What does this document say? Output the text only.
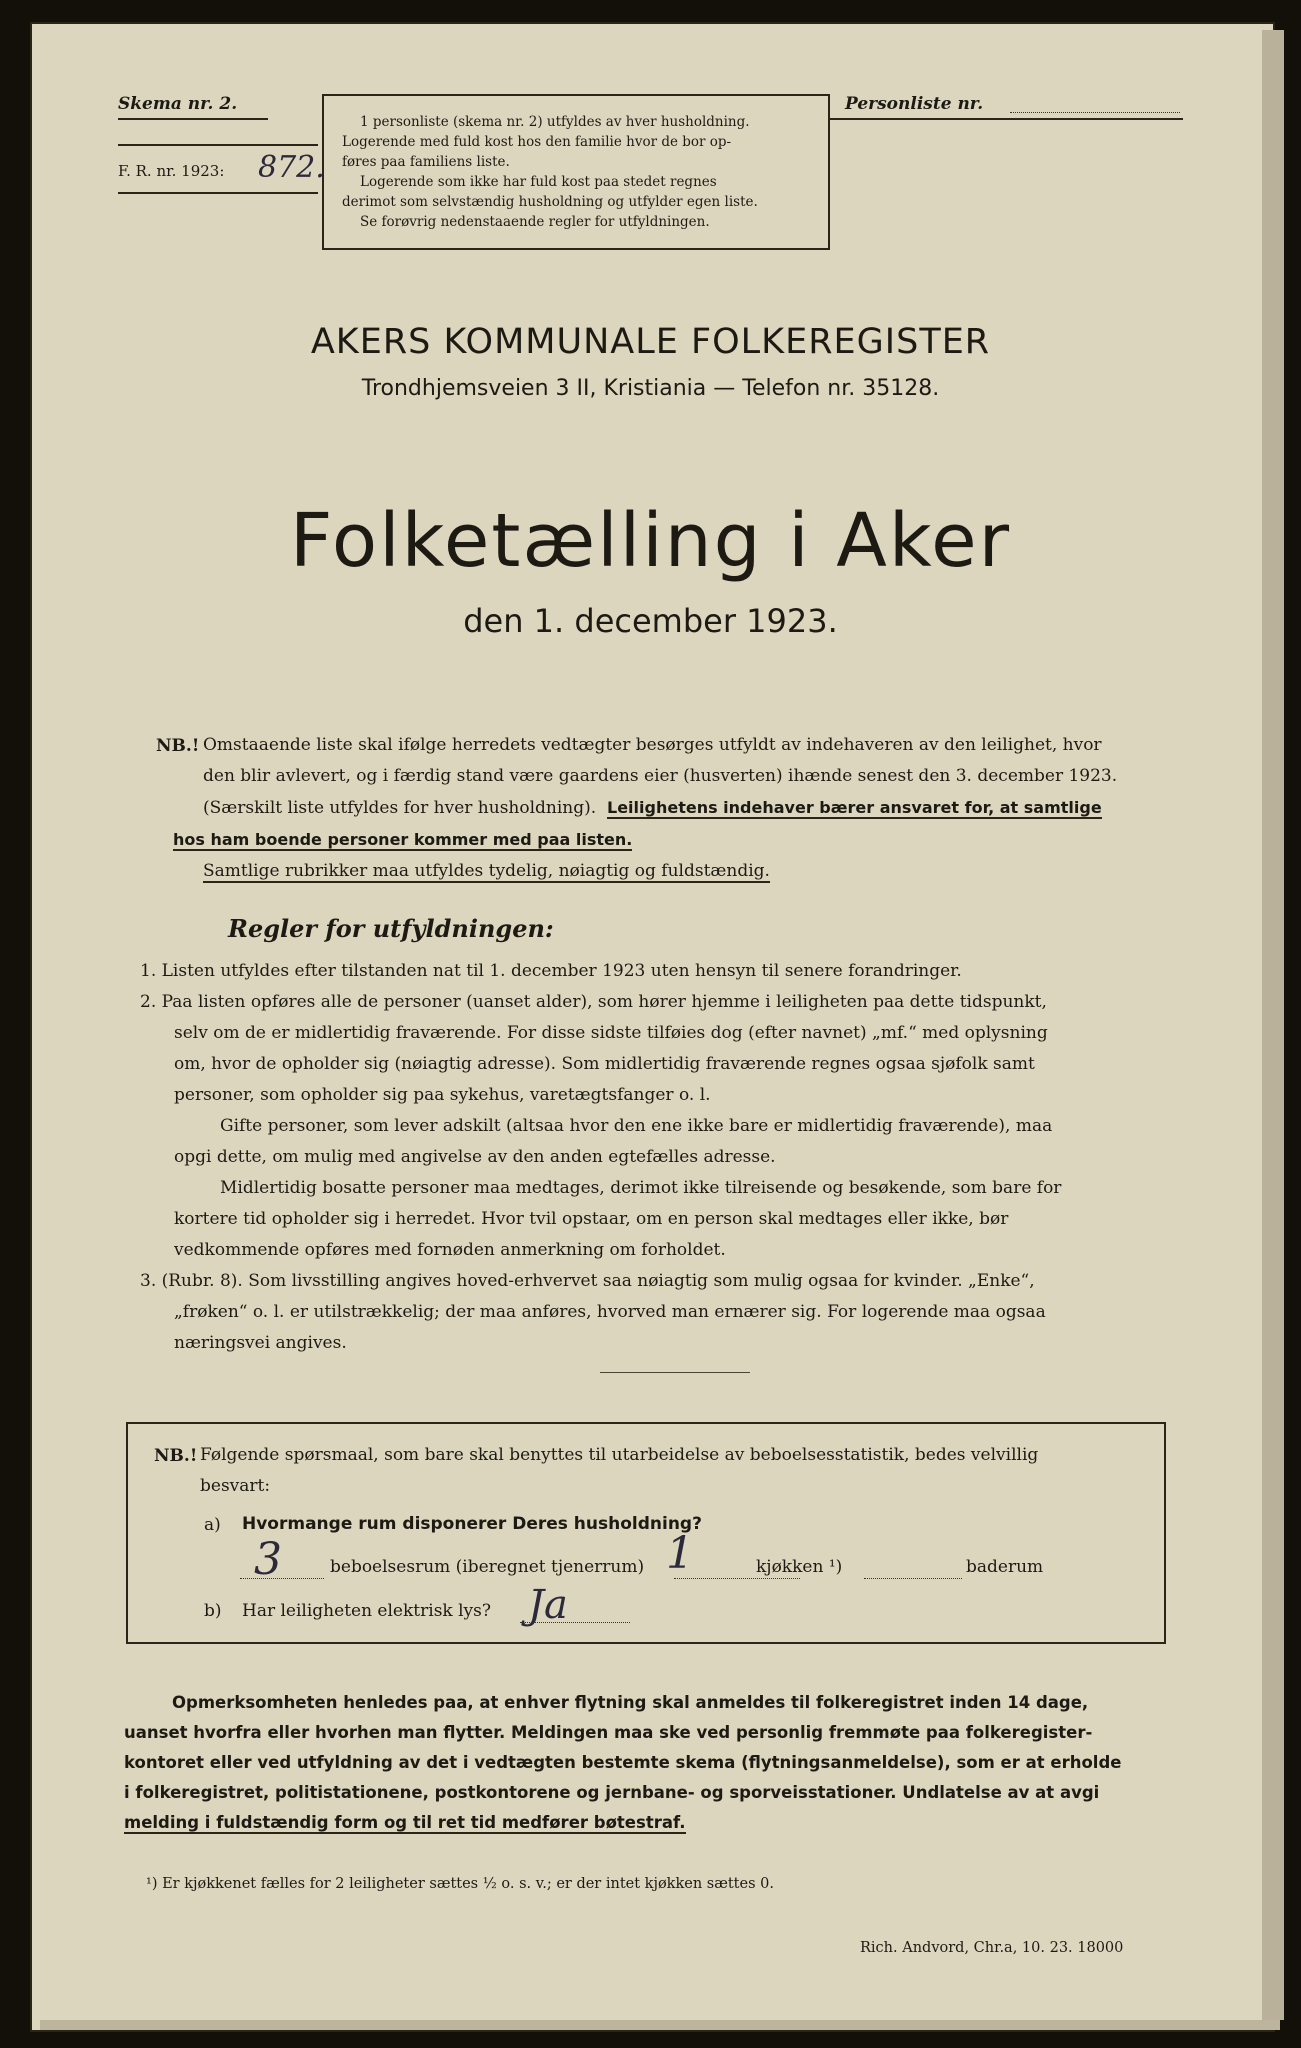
Skema nr. 2.
F. R. nr. 1923: 872.
1 personliste (skema nr. 2) utfyldes av hver husholdning.
Logerende med fuld kost hos den familie hvor de bor op-
føres paa familiens liste.
Logerende som ikke har fuld kost paa stedet regnes
derimot som selvstændig husholdning og utfylder egen liste.
Se forøvrig nedenstaaende regler for utfyldningen.
Personliste nr.
AKERS KOMMUNALE FOLKEREGISTER
Trondhjemsveien 3 II, Kristiania — Telefon nr. 35128.
Folketælling i Aker
den 1. december 1923.
NB.! Omstaaende liste skal ifølge herredets vedtægter besørges utfyldt av indehaveren av den leilighet, hvor
den blir avlevert, og i færdig stand være gaardens eier (husverten) ihænde senest den 3. december 1923.
(Særskilt liste utfyldes for hver husholdning). Leilighetens indehaver bærer ansvaret for, at samtlige
hos ham boende personer kommer med paa listen.
Samtlige rubrikker maa utfyldes tydelig, nøiagtig og fuldstændig.
Regler for utfyldningen:
1. Listen utfyldes efter tilstanden nat til 1. december 1923 uten hensyn til senere forandringer.
2. Paa listen opføres alle de personer (uanset alder), som hører hjemme i leiligheten paa dette tidspunkt,
selv om de er midlertidig fraværende. For disse sidste tilføies dog (efter navnet) „mf.“ med oplysning
om, hvor de opholder sig (nøiagtig adresse). Som midlertidig fraværende regnes ogsaa sjøfolk samt
personer, som opholder sig paa sykehus, varetægtsfanger o. l.
Gifte personer, som lever adskilt (altsaa hvor den ene ikke bare er midlertidig fraværende), maa
opgi dette, om mulig med angivelse av den anden egtefælles adresse.
Midlertidig bosatte personer maa medtages, derimot ikke tilreisende og besøkende, som bare for
kortere tid opholder sig i herredet. Hvor tvil opstaar, om en person skal medtages eller ikke, bør
vedkommende opføres med fornøden anmerkning om forholdet.
3. (Rubr. 8). Som livsstilling angives hoved-erhvervet saa nøiagtig som mulig ogsaa for kvinder. „Enke“,
„frøken“ o. l. er utilstrækkelig; der maa anføres, hvorved man ernærer sig. For logerende maa ogsaa
næringsvei angives.
NB.! Følgende spørsmaal, som bare skal benyttes til utarbeidelse av beboelsesstatistik, bedes velvillig
besvart:
a) Hvormange rum disponerer Deres husholdning?
3	beboelsesrum (iberegnet tjenerrum) 1	kjøkken ¹)	baderum
b) Har leiligheten elektrisk lys? Ja
Opmerksomheten henledes paa, at enhver flytning skal anmeldes til folkeregistret inden 14 dage,
uanset hvorfra eller hvorhen man flytter. Meldingen maa ske ved personlig fremmøte paa folkeregister-
kontoret eller ved utfyldning av det i vedtægten bestemte skema (flytningsanmeldelse), som er at erholde
i folkeregistret, politistationene, postkontorene og jernbane- og sporveisstationer. Undlatelse av at avgi
melding i fuldstændig form og til ret tid medfører bøtestraf.
¹) Er kjøkkenet fælles for 2 leiligheter sættes ½ o. s. v.; er der intet kjøkken sættes 0.
Rich. Andvord, Chr.a, 10. 23. 18000
